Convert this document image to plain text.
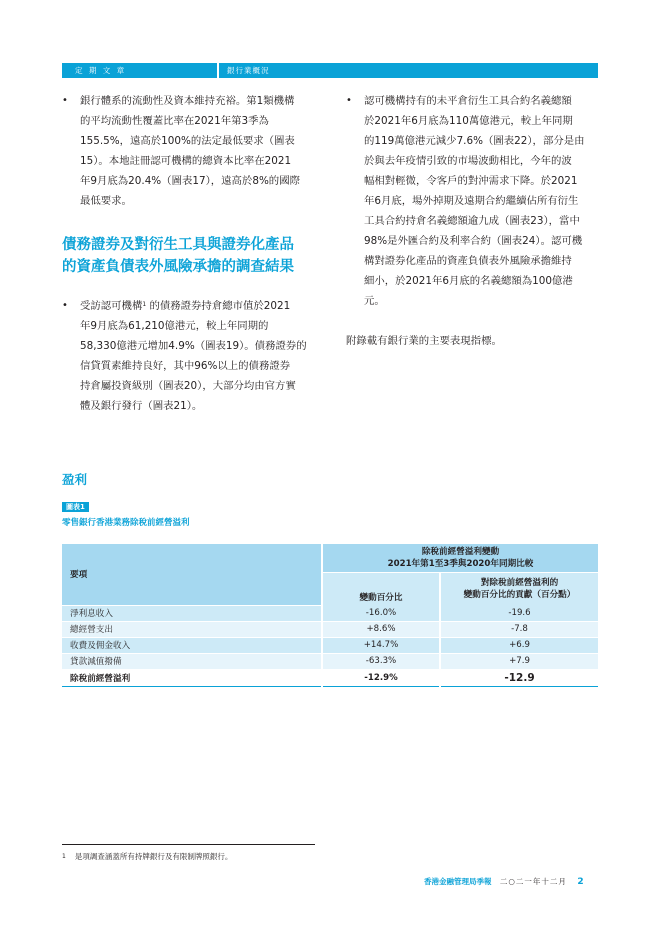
定 期 文 章	銀行業概況
• 銀行體系的流動性及資本維持充裕。第1類機構
的平均流動性覆蓋比率在2021年第3季為
155.5%，遠高於100%的法定最低要求（圖表
15）。本地註冊認可機構的總資本比率在2021
年9月底為20.4%（圖表17），遠高於8%的國際
最低要求。
債務證券及對衍生工具與證券化產品
的資產負債表外風險承擔的調查結果
• 受訪認可機構$^1$ 的債務證券持倉總市值於2021
年9月底為61,210億港元，較上年同期的
58,330億港元增加4.9%（圖表19）。債務證券的
信貸質素維持良好，其中96%以上的債務證券
持倉屬投資級別（圖表20），大部分均由官方實
體及銀行發行（圖表21）。
• 認可機構持有的未平倉衍生工具合約名義總額
於2021年6月底為110萬億港元，較上年同期
的119萬億港元減少7.6%（圖表22），部分是由
於與去年疫情引致的市場波動相比，今年的波
幅相對輕微，令客戶的對沖需求下降。於2021
年6月底，場外掉期及遠期合約繼續佔所有衍生
工具合約持倉名義總額逾九成（圖表23），當中
98%是外匯合約及利率合約（圖表24）。認可機
構對證券化產品的資產負債表外風險承擔維持
細小，於2021年6月底的名義總額為100億港
元。
附錄載有銀行業的主要表現指標。
盈利
圖表1
零售銀行香港業務除稅前經營溢利
要項	除稅前經營溢利變動
2021年第1至3季與2020年同期比較	

	變動百分比	對除稅前經營溢利的
變動百分比的貢獻（百分點）

淨利息收入	-16.0%	-19.6
總經營支出	+8.6%	-7.8
收費及佣金收入	+14.7%	+6.9
貸款減值撥備	-63.3%	+7.9
除稅前經營溢利	-12.9%	-12.9
$^1$ 是項調查涵蓋所有持牌銀行及有限制牌照銀行。
香港金融管理局季報 二○二一年十二月 2
